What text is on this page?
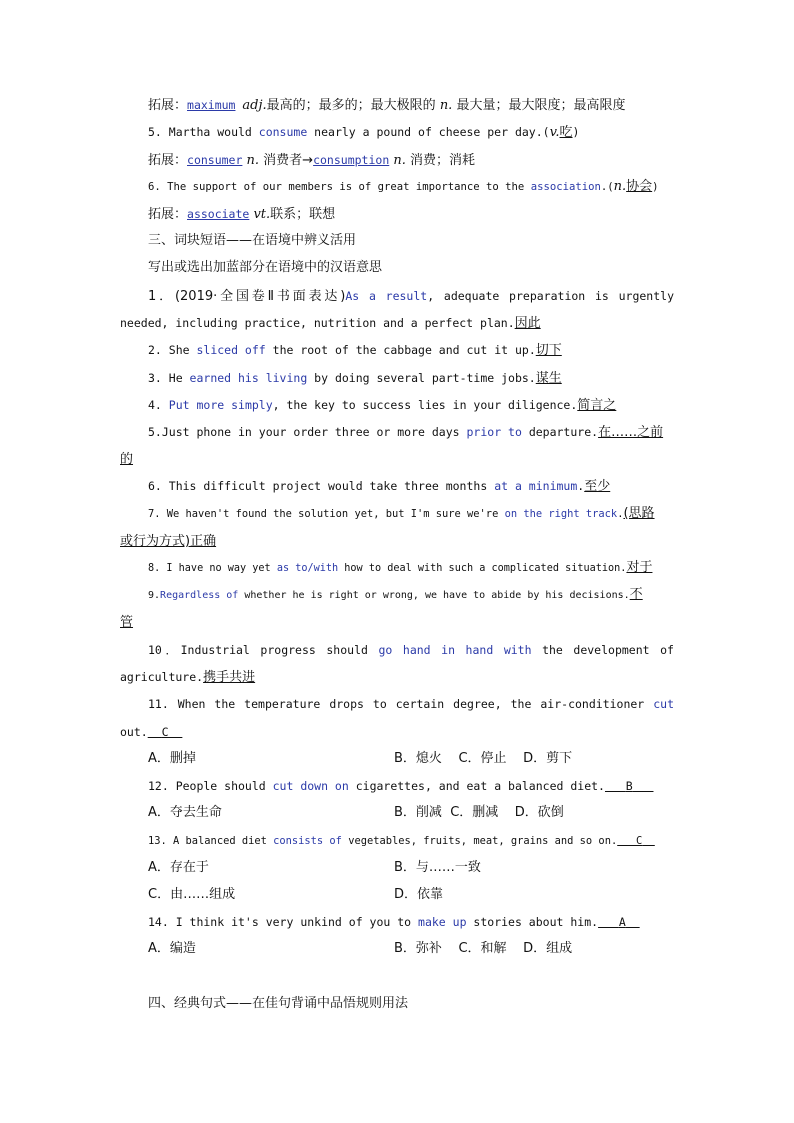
拓展：maximum adj.最高的；最多的；最大极限的 n. 最大量；最大限度；最高限度
5. Martha would consume nearly a pound of cheese per day.(v.吃)
拓展：consumer n. 消费者→consumption n. 消费；消耗
6. The support of our members is of great importance to the association.(n.协会)
拓展：associate vt.联系；联想
三、词块短语——在语境中辨义活用
写出或选出加蓝部分在语境中的汉语意思
1．(2019·全国卷Ⅱ书面表达)As a result, adequate preparation is urgently
needed, including practice, nutrition and a perfect plan.因此
2. She sliced off the root of the cabbage and cut it up.切下
3. He earned his living by doing several part-time jobs.谋生
4. Put more simply, the key to success lies in your diligence.简言之
5.Just phone in your order three or more days prior to departure.在……之前
的
6. This difficult project would take three months at a minimum.至少
7. We haven't found the solution yet, but I'm sure we're on the right track.(思路
或行为方式)正确
8. I have no way yet as to/with how to deal with such a complicated situation.对于
9.Regardless of whether he is right or wrong, we have to abide by his decisions.不
管
10．Industrial progress should go hand in hand with the development of
agriculture.携手共进
11. When the temperature drops to certain degree, the air-conditioner cut
out. C
A．删掉	B．熄火 C．停止 D．剪下
12. People should cut down on cigarettes, and eat a balanced diet. B
A．夺去生命	B．削减 C．删减 D．砍倒
13. A balanced diet consists of vegetables, fruits, meat, grains and so on. C
A．存在于	B．与……一致
C．由……组成	D．依靠
14. I think it's very unkind of you to make up stories about him. A
A．编造	B．弥补 C．和解 D．组成
四、经典句式——在佳句背诵中品悟规则用法
